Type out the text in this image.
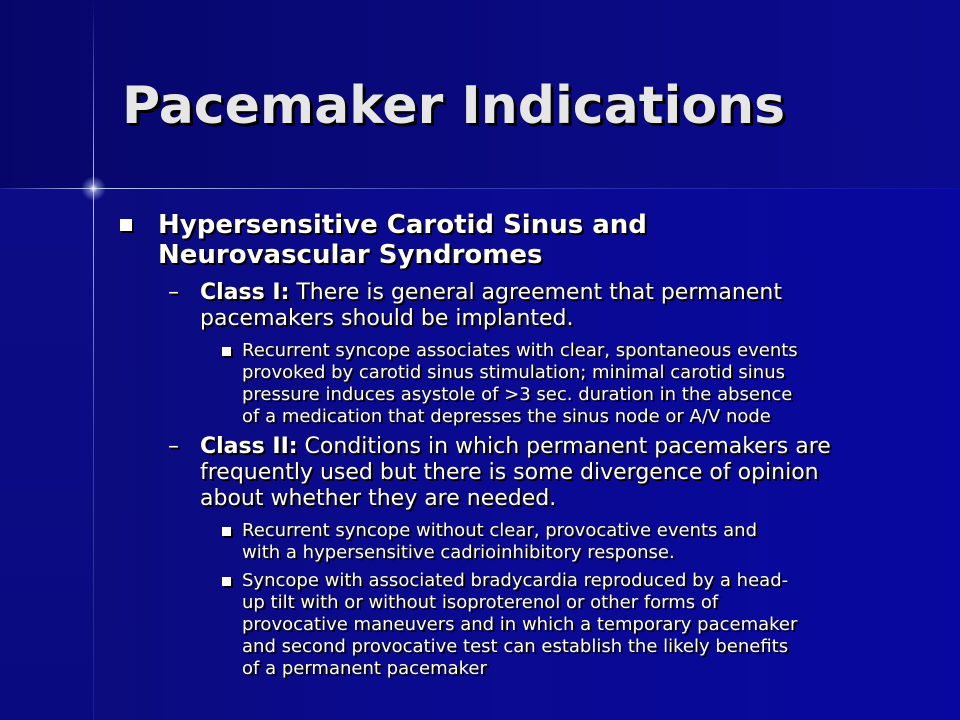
Pacemaker Indications
Hypersensitive Carotid Sinus and
Neurovascular Syndromes
– Class I: There is general agreement that permanent
pacemakers should be implanted.
Recurrent syncope associates with clear, spontaneous events
provoked by carotid sinus stimulation; minimal carotid sinus
pressure induces asystole of >3 sec. duration in the absence
of a medication that depresses the sinus node or A/V node
– Class II: Conditions in which permanent pacemakers are
frequently used but there is some divergence of opinion
about whether they are needed.
Recurrent syncope without clear, provocative events and
with a hypersensitive cadrioinhibitory response.
Syncope with associated bradycardia reproduced by a head-
up tilt with or without isoproterenol or other forms of
provocative maneuvers and in which a temporary pacemaker
and second provocative test can establish the likely benefits
of a permanent pacemaker
